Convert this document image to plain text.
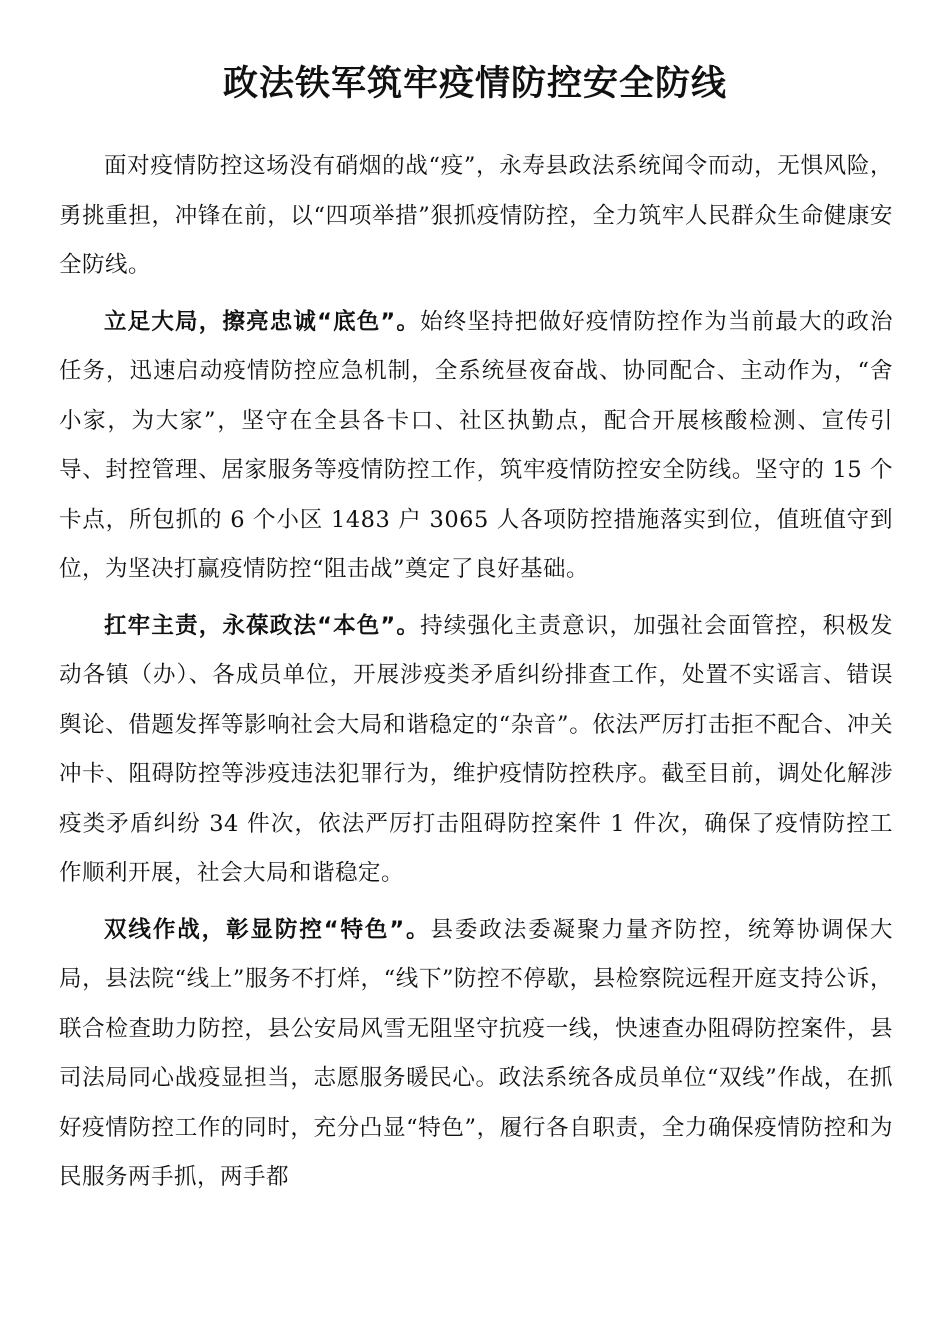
政法铁军筑牢疫情防控安全防线

面对疫情防控这场没有硝烟的战“疫”，永寿县政法系统闻令而动，无惧风险，勇挑重担，冲锋在前，以“四项举措”狠抓疫情防控，全力筑牢人民群众生命健康安全防线。

立足大局，擦亮忠诚“底色”。始终坚持把做好疫情防控作为当前最大的政治任务，迅速启动疫情防控应急机制，全系统昼夜奋战、协同配合、主动作为，“舍小家，为大家”，坚守在全县各卡口、社区执勤点，配合开展核酸检测、宣传引导、封控管理、居家服务等疫情防控工作，筑牢疫情防控安全防线。坚守的 15 个卡点，所包抓的 6 个小区 1483 户 3065 人各项防控措施落实到位，值班值守到位，为坚决打赢疫情防控“阻击战”奠定了良好基础。

扛牢主责，永葆政法“本色”。持续强化主责意识，加强社会面管控，积极发动各镇（办）、各成员单位，开展涉疫类矛盾纠纷排查工作，处置不实谣言、错误舆论、借题发挥等影响社会大局和谐稳定的“杂音”。依法严厉打击拒不配合、冲关冲卡、阻碍防控等涉疫违法犯罪行为，维护疫情防控秩序。截至目前，调处化解涉疫类矛盾纠纷 34 件次，依法严厉打击阻碍防控案件 1 件次，确保了疫情防控工作顺利开展，社会大局和谐稳定。

双线作战，彰显防控“特色”。县委政法委凝聚力量齐防控，统筹协调保大局，县法院“线上”服务不打烊，“线下”防控不停歇，县检察院远程开庭支持公诉，联合检查助力防控，县公安局风雪无阻坚守抗疫一线，快速查办阻碍防控案件，县司法局同心战疫显担当，志愿服务暖民心。政法系统各成员单位“双线”作战，在抓好疫情防控工作的同时，充分凸显“特色”，履行各自职责，全力确保疫情防控和为民服务两手抓，两手都
